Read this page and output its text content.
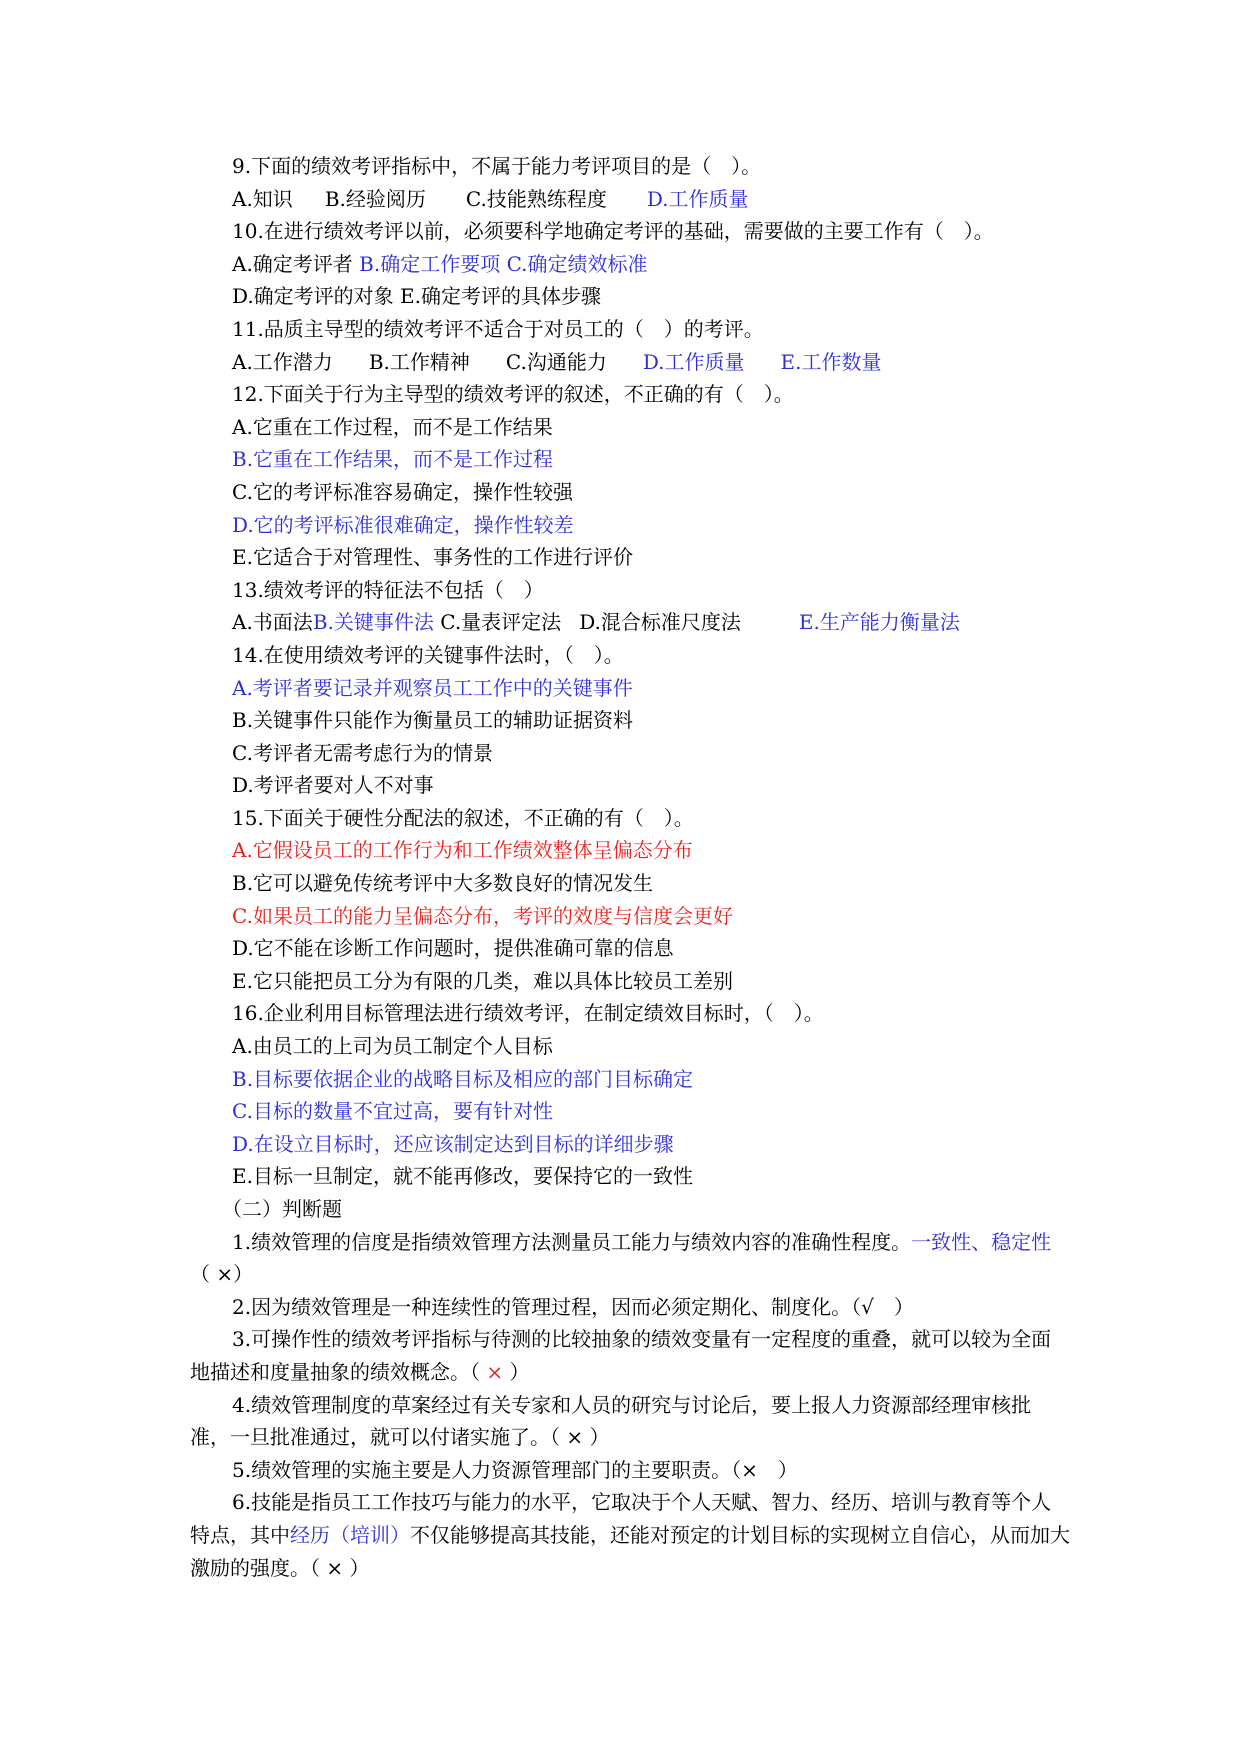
9.下面的绩效考评指标中，不属于能力考评项目的是（　）。
A.知识 B.经验阅历 C.技能熟练程度 D.工作质量
10.在进行绩效考评以前，必须要科学地确定考评的基础，需要做的主要工作有（　）。
A.确定考评者 B.确定工作要项 C.确定绩效标准
D.确定考评的对象 E.确定考评的具体步骤
11.品质主导型的绩效考评不适合于对员工的（　）的考评。
A.工作潜力 B.工作精神 C.沟通能力 D.工作质量 E.工作数量
12.下面关于行为主导型的绩效考评的叙述，不正确的有（　）。
A.它重在工作过程，而不是工作结果
B.它重在工作结果，而不是工作过程
C.它的考评标准容易确定，操作性较强
D.它的考评标准很难确定，操作性较差
E.它适合于对管理性、事务性的工作进行评价
13.绩效考评的特征法不包括（　）
A.书面法B.关键事件法 C.量表评定法 D.混合标准尺度法	E.生产能力衡量法
14.在使用绩效考评的关键事件法时，（　）。
A.考评者要记录并观察员工工作中的关键事件
B.关键事件只能作为衡量员工的辅助证据资料
C.考评者无需考虑行为的情景
D.考评者要对人不对事
15.下面关于硬性分配法的叙述，不正确的有（　）。
A.它假设员工的工作行为和工作绩效整体呈偏态分布
B.它可以避免传统考评中大多数良好的情况发生
C.如果员工的能力呈偏态分布，考评的效度与信度会更好
D.它不能在诊断工作问题时，提供准确可靠的信息
E.它只能把员工分为有限的几类，难以具体比较员工差别
16.企业利用目标管理法进行绩效考评，在制定绩效目标时，（　）。
A.由员工的上司为员工制定个人目标
B.目标要依据企业的战略目标及相应的部门目标确定
C.目标的数量不宜过高，要有针对性
D.在设立目标时，还应该制定达到目标的详细步骤
E.目标一旦制定，就不能再修改，要保持它的一致性
（二）判断题
1.绩效管理的信度是指绩效管理方法测量员工能力与绩效内容的准确性程度。一致性、稳定性（ ×）
2.因为绩效管理是一种连续性的管理过程，因而必须定期化、制度化。（√　）
3.可操作性的绩效考评指标与待测的比较抽象的绩效变量有一定程度的重叠，就可以较为全面地描述和度量抽象的绩效概念。（ × ）
4.绩效管理制度的草案经过有关专家和人员的研究与讨论后，要上报人力资源部经理审核批准，一旦批准通过，就可以付诸实施了。（ × ）
5.绩效管理的实施主要是人力资源管理部门的主要职责。（×　）
6.技能是指员工工作技巧与能力的水平，它取决于个人天赋、智力、经历、培训与教育等个人特点，其中经历（培训）不仅能够提高其技能，还能对预定的计划目标的实现树立自信心，从而加大激励的强度。（ × ）
